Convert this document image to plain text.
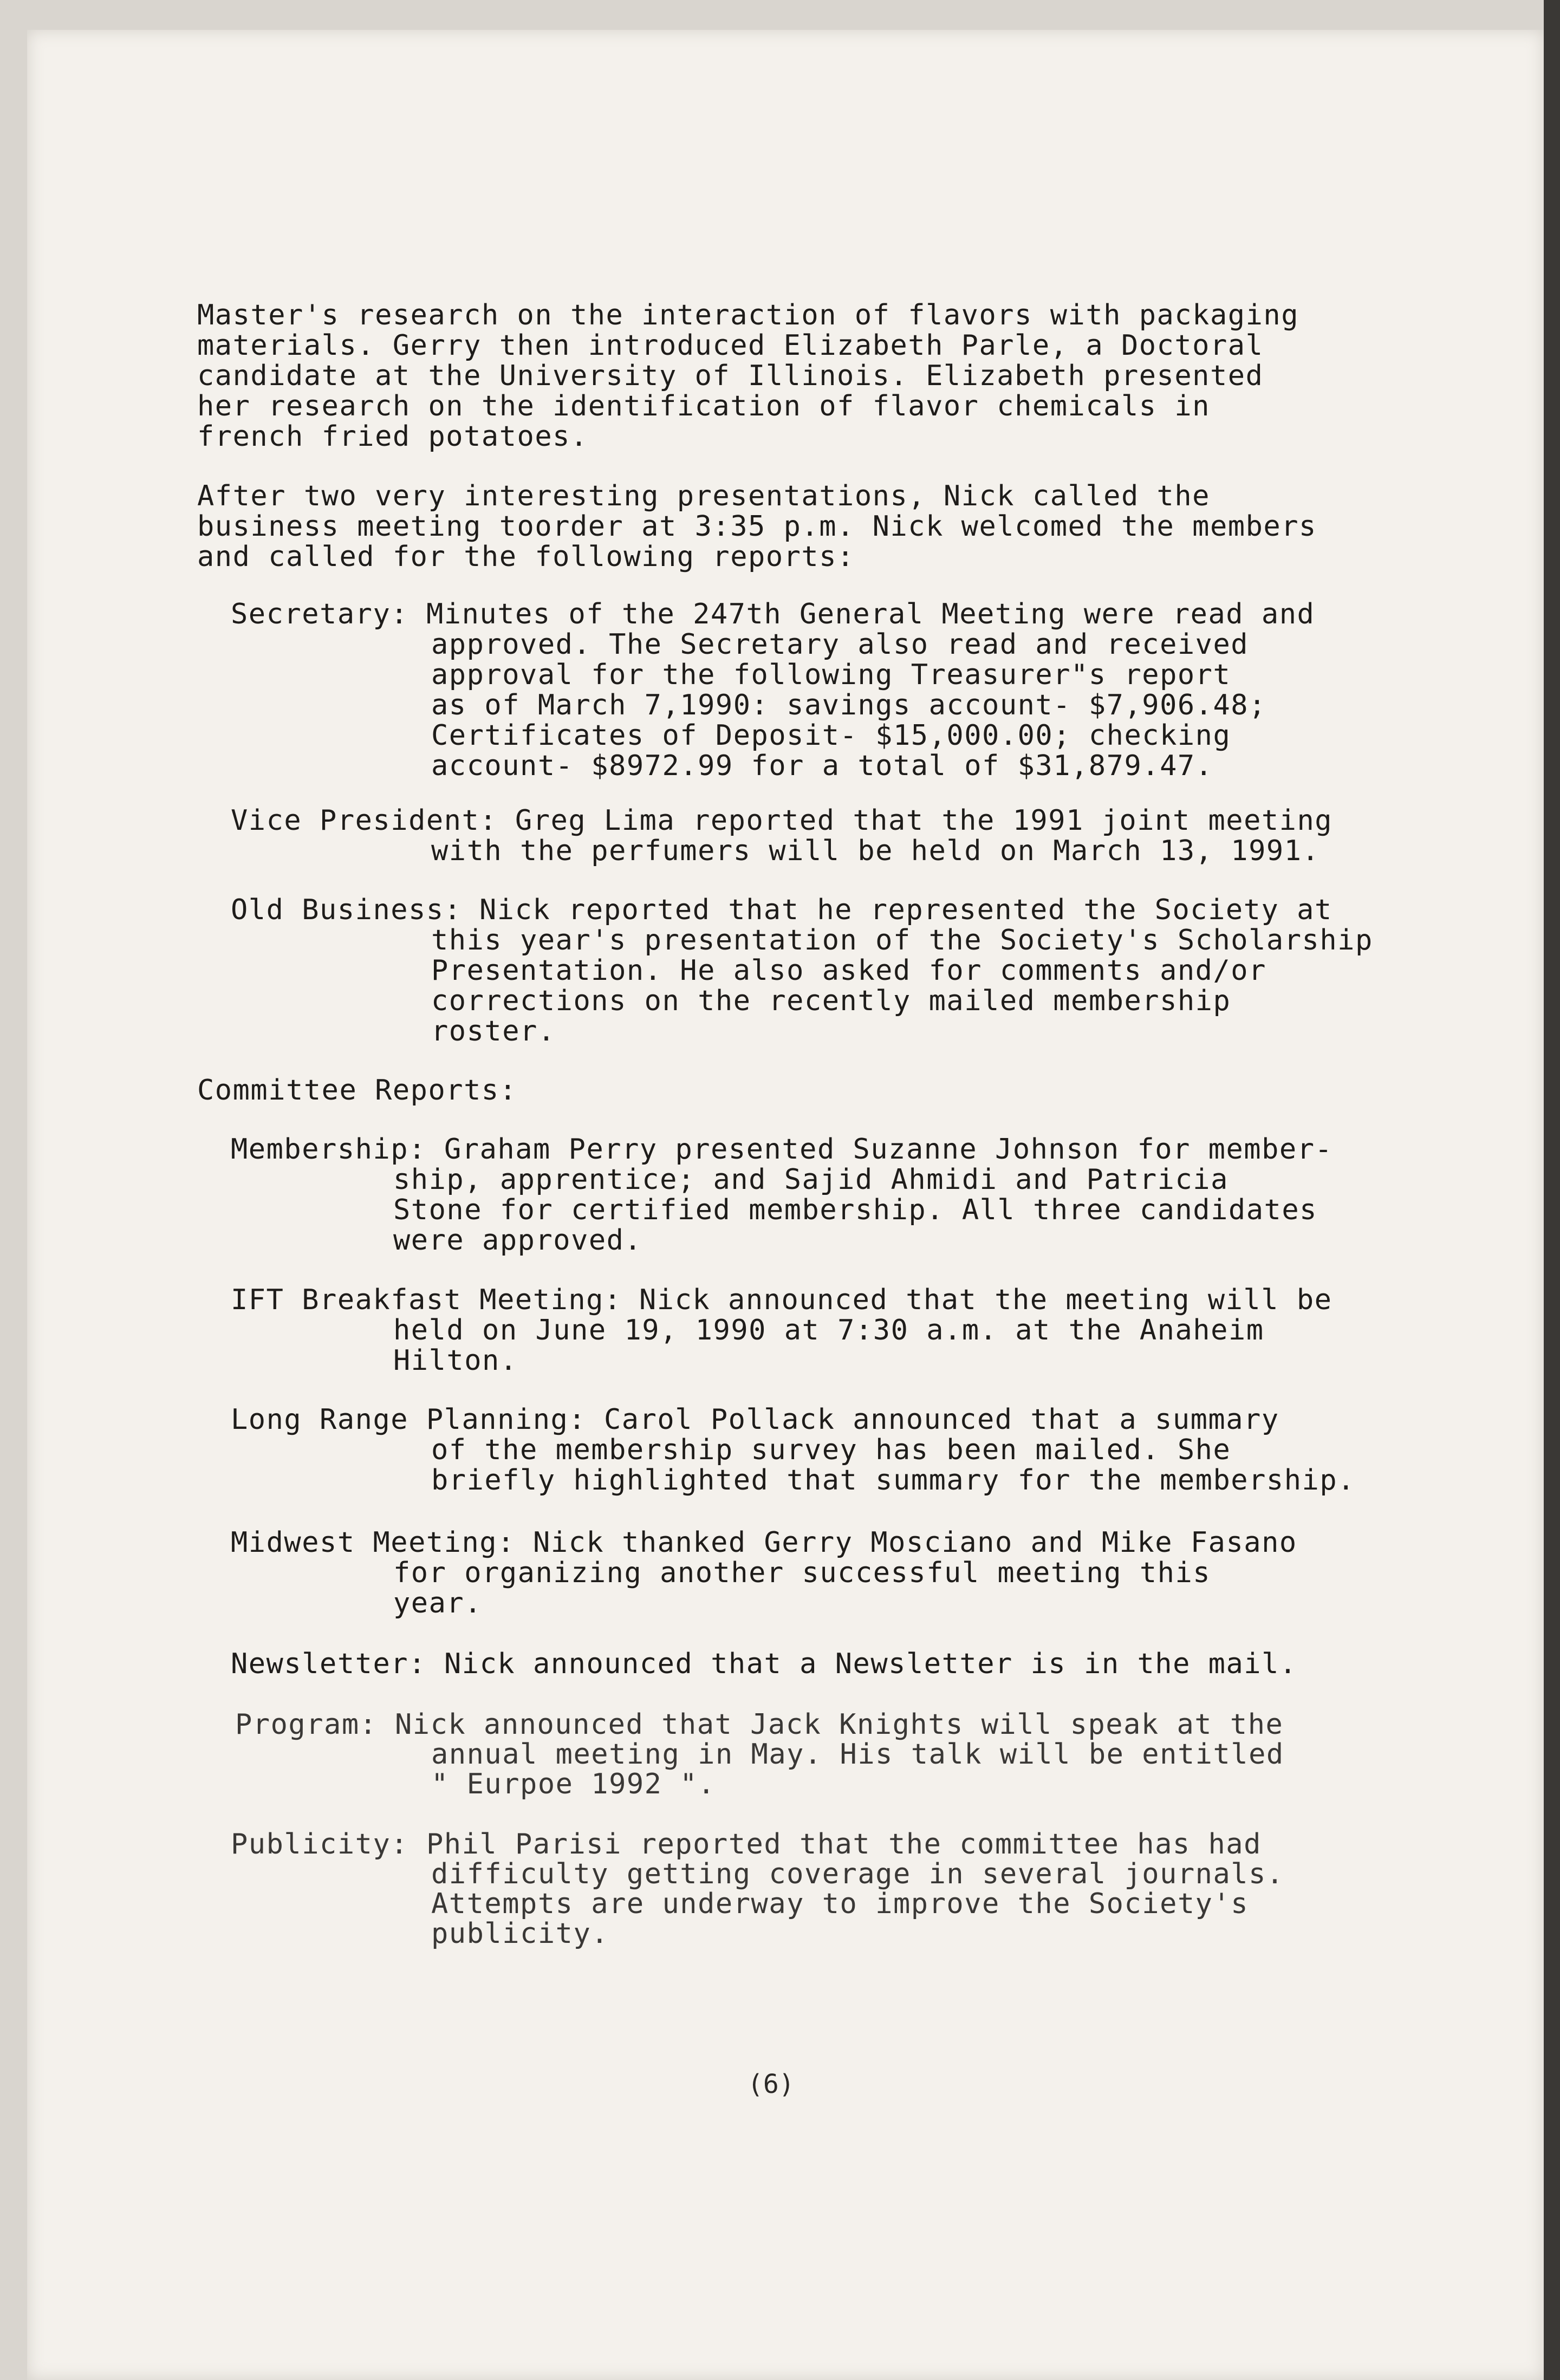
Master's research on the interaction of flavors with packaging
materials. Gerry then introduced Elizabeth Parle, a Doctoral
candidate at the University of Illinois. Elizabeth presented
her research on the identification of flavor chemicals in
french fried potatoes.
After two very interesting presentations, Nick called the
business meeting toorder at 3:35 p.m. Nick welcomed the members
and called for the following reports:
Secretary: Minutes of the 247th General Meeting were read and
approved. The Secretary also read and received
approval for the following Treasurer"s report
as of March 7,1990: savings account- $7,906.48;
Certificates of Deposit- $15,000.00; checking
account- $8972.99 for a total of $31,879.47.
Vice President: Greg Lima reported that the 1991 joint meeting
with the perfumers will be held on March 13, 1991.
Old Business: Nick reported that he represented the Society at
this year's presentation of the Society's Scholarship
Presentation. He also asked for comments and/or
corrections on the recently mailed membership
roster.
Committee Reports:
Membership: Graham Perry presented Suzanne Johnson for member-
ship, apprentice; and Sajid Ahmidi and Patricia
Stone for certified membership. All three candidates
were approved.
IFT Breakfast Meeting: Nick announced that the meeting will be
held on June 19, 1990 at 7:30 a.m. at the Anaheim
Hilton.
Long Range Planning: Carol Pollack announced that a summary
of the membership survey has been mailed. She
briefly highlighted that summary for the membership.
Midwest Meeting: Nick thanked Gerry Mosciano and Mike Fasano
for organizing another successful meeting this
year.
Newsletter: Nick announced that a Newsletter is in the mail.
Program: Nick announced that Jack Knights will speak at the
annual meeting in May. His talk will be entitled
" Eurpoe 1992 ".
Publicity: Phil Parisi reported that the committee has had
difficulty getting coverage in several journals.
Attempts are underway to improve the Society's
publicity.
(6)
